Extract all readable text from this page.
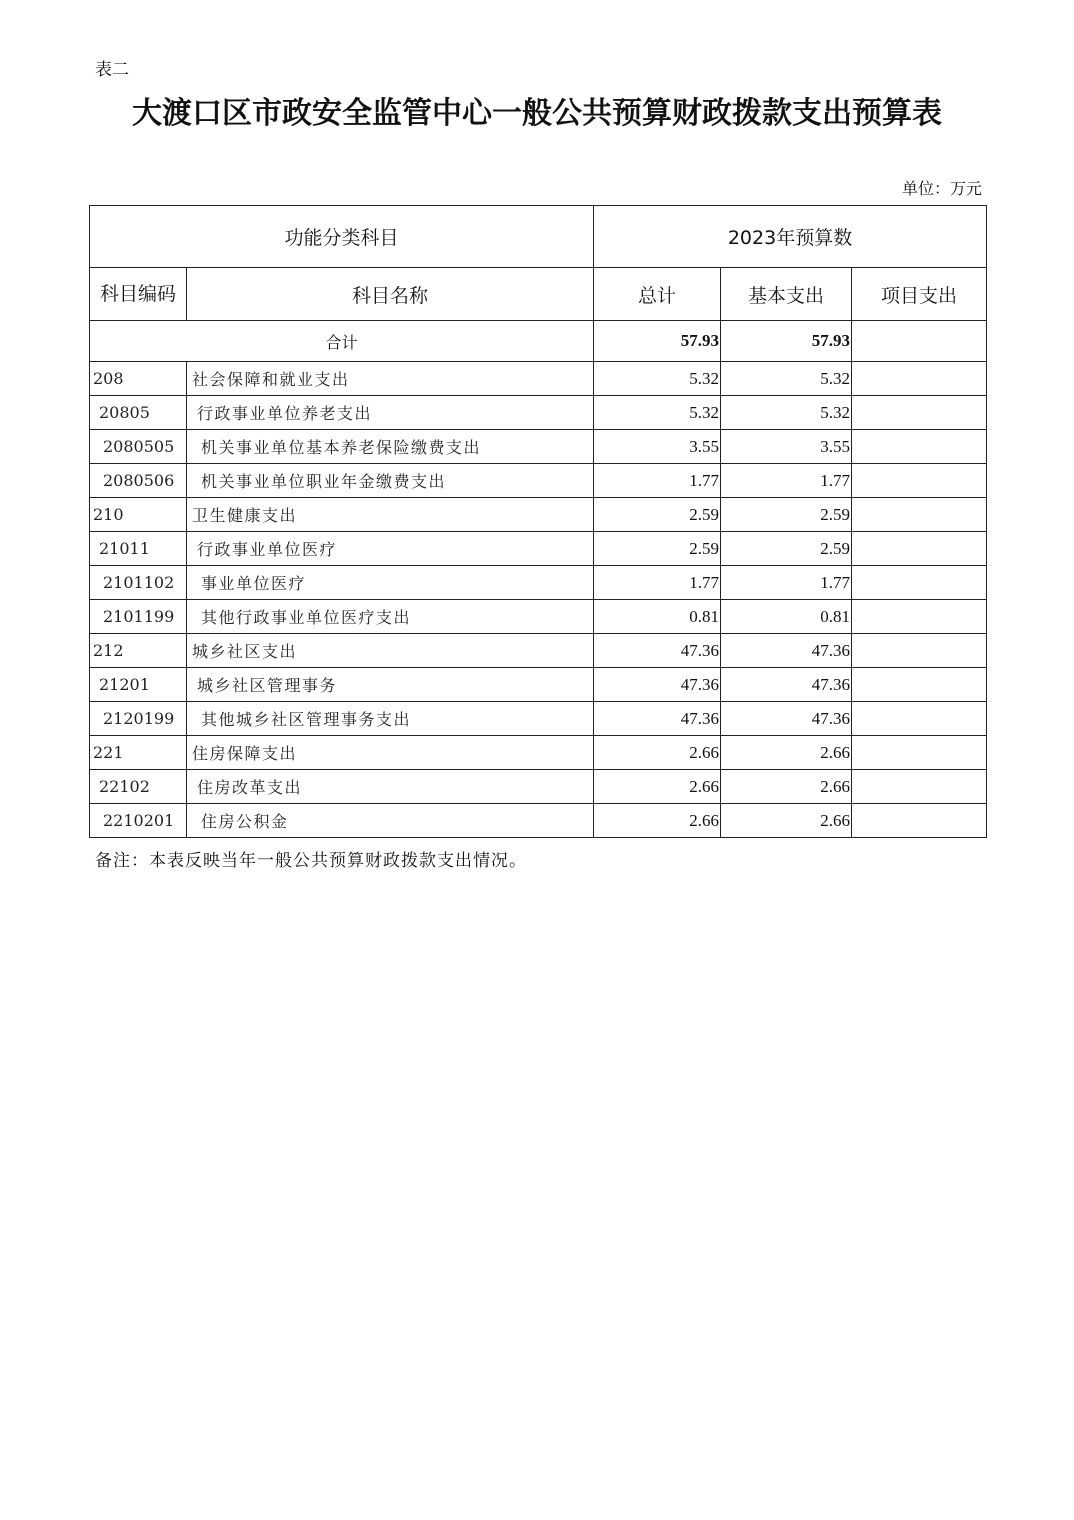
表二
大渡口区市政安全监管中心一般公共预算财政拨款支出预算表
单位：万元
功能分类科目		2023年预算数		
科目编码	科目名称	总计	基本支出	项目支出
合计		57.93	57.93	
208	社会保障和就业支出	5.32	5.32	
20805	行政事业单位养老支出	5.32	5.32	
2080505	机关事业单位基本养老保险缴费支出	3.55	3.55	
2080506	机关事业单位职业年金缴费支出	1.77	1.77	
210	卫生健康支出	2.59	2.59	
21011	行政事业单位医疗	2.59	2.59	
2101102	事业单位医疗	1.77	1.77	
2101199	其他行政事业单位医疗支出	0.81	0.81	
212	城乡社区支出	47.36	47.36	
21201	城乡社区管理事务	47.36	47.36	
2120199	其他城乡社区管理事务支出	47.36	47.36	
221	住房保障支出	2.66	2.66	
22102	住房改革支出	2.66	2.66	
2210201	住房公积金	2.66	2.66	
备注：本表反映当年一般公共预算财政拨款支出情况。
